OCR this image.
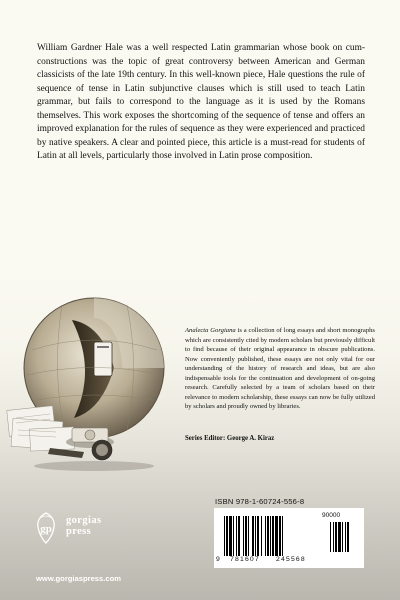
William Gardner Hale was a well respected Latin grammarian whose book on cum-constructions was the topic of great controversy between American and German classicists of the late 19th century. In this well-known piece, Hale questions the rule of sequence of tense in Latin subjunctive clauses which is still used to teach Latin grammar, but fails to correspond to the language as it is used by the Romans themselves. This work exposes the shortcoming of the sequence of tense and offers an improved explanation for the rules of sequence as they were experienced and practiced by native speakers. A clear and pointed piece, this article is a must-read for students of Latin at all levels, particularly those involved in Latin prose composition.

Analecta Gorgiana is a collection of long essays and short monographs which are consistently cited by modern scholars but previously difficult to find because of their original appearance in obscure publications. Now conveniently published, these essays are not only vital for our understanding of the history of research and ideas, but are also indispensable tools for the continuation and development of on-going research. Carefully selected by a team of scholars based on their relevance to modern scholarship, these essays can now be fully utilized by scholars and proudly owned by libraries.

Series Editor: George A. Kiraz

ISBN 978-1-60724-556-8
90000
9 781607 245568
gp
gorgias
press
www.gorgiaspress.com
